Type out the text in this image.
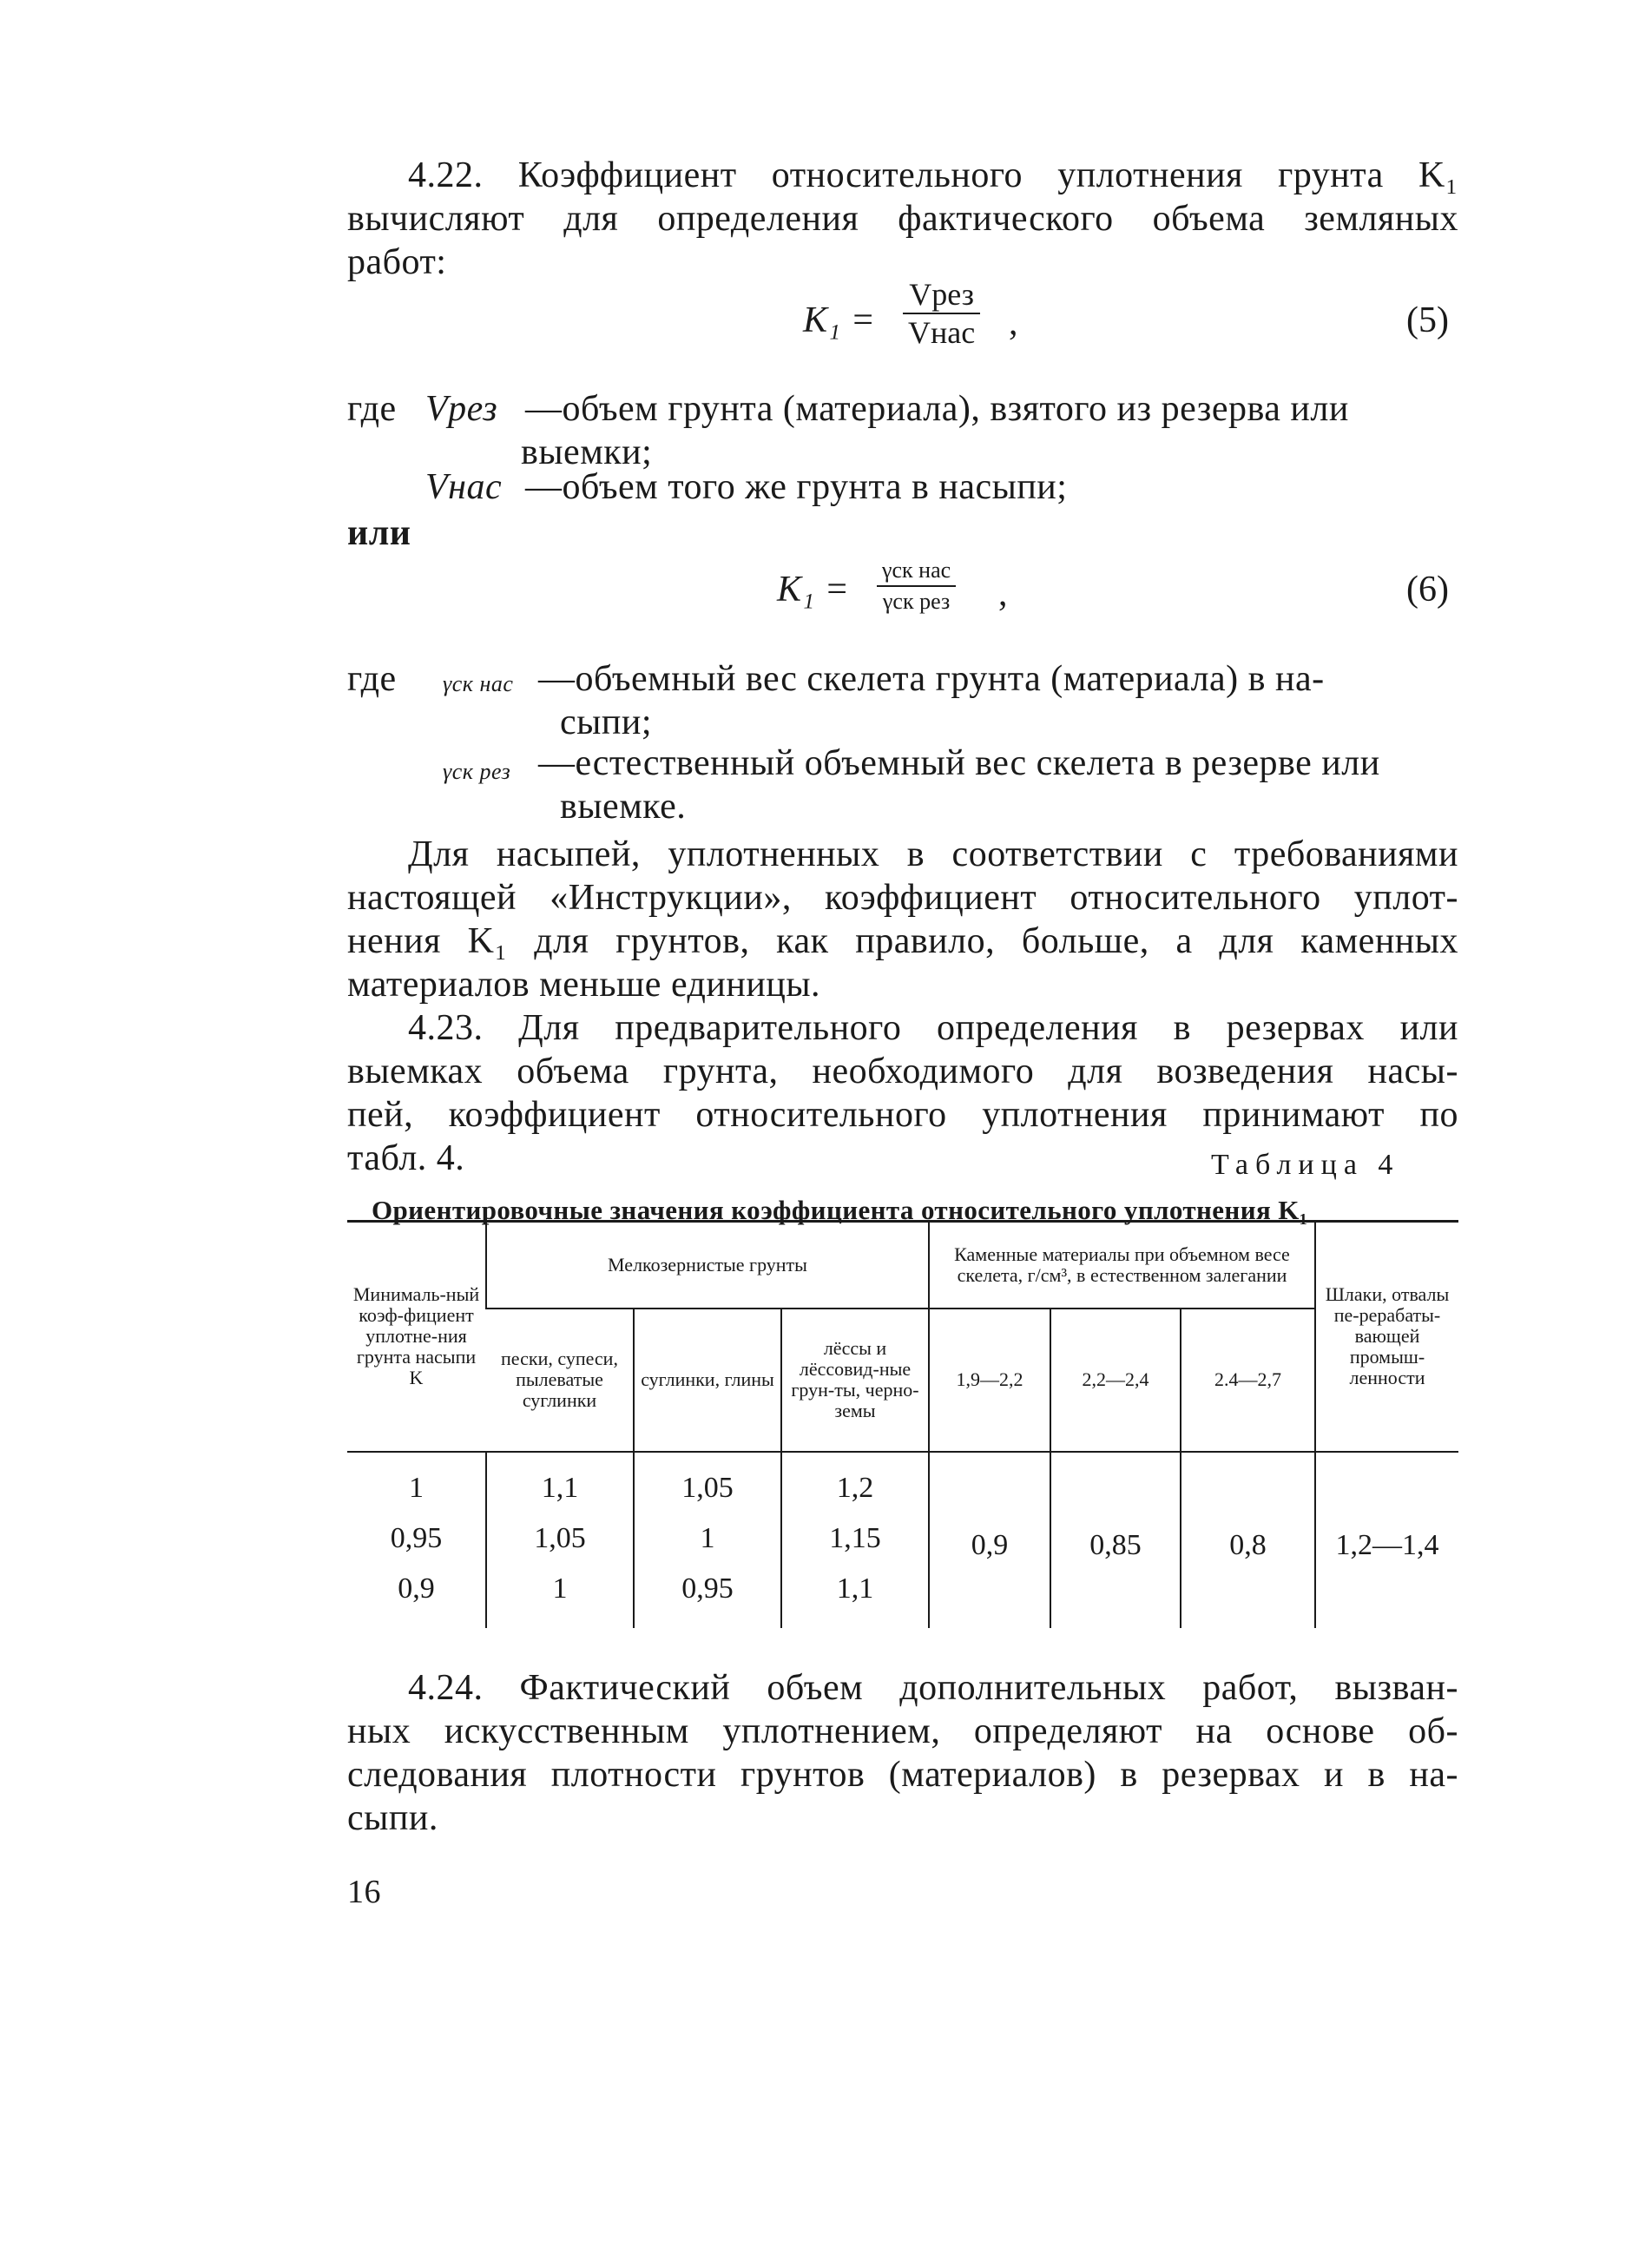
4.22. Коэффициент относительного уплотнения грунта K₁
вычисляют для определения фактического объема земляных
работ:
K₁ =
Vрез
Vнас ,	(5)
где Vрез —объем грунта (материала), взятого из резерва или
выемки;
Vнас —объем того же грунта в насыпи;
или
K₁ = γск нас
γск рез ,	(6)
где γск нас —объемный вес скелета грунта (материала) в на-
сыпи;
γск рез —естественный объемный вес скелета в резерве или
выемке.
Для насыпей, уплотненных в соответствии с требованиями
настоящей «Инструкции», коэффициент относительного уплот-
нения K₁ для грунтов, как правило, больше, а для каменных
материалов меньше единицы.
4.23. Для предварительного определения в резервах или
выемках объема грунта, необходимого для возведения насы-
пей, коэффициент относительного уплотнения принимают по
табл. 4.	Таблица 4
Ориентировочные значения коэффициента относительного уплотнения K₁
Минималь-ный коэф-фициент уплотне-ния грунта насыпи K	Мелкозернистые грунты			Каменные материалы при объемном весе скелета, г/см³, в естественном залегании			Шлаки, отвалы пе-рерабаты-вающей промыш-ленности
	пески, супеси, пылеватые суглинки	суглинки, глины	лёссы и лёссовид-ные грун-ты, черно-земы	1,9—2,2	2,2—2,4	2.4—2,7	
1	1,1	1,05	1,2	0,9	0,85	0,8	1,2—1,4
0,95	1,05	1	1,15				
0,9	1	0,95	1,1				
4.24. Фактический объем дополнительных работ, вызван-
ных искусственным уплотнением, определяют на основе об-
следования плотности грунтов (материалов) в резервах и в на-
сыпи.
16
